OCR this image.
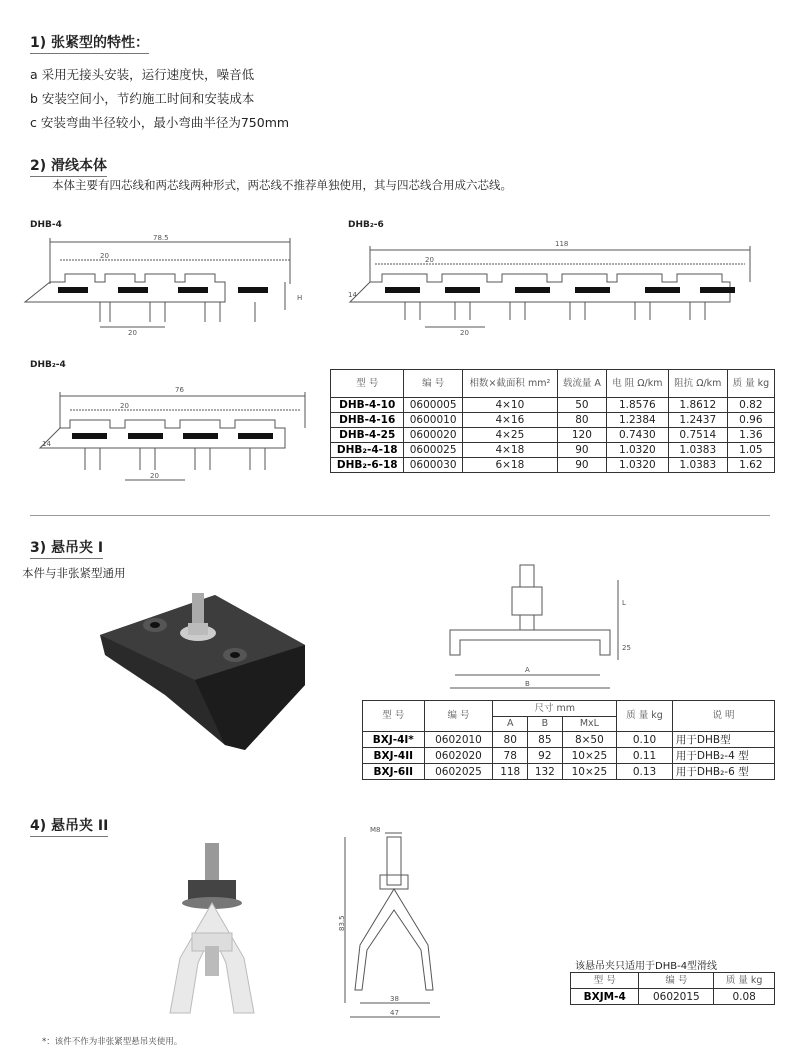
1) 张紧型的特性：
a 采用无接头安装，运行速度快，噪音低
b 安装空间小，节约施工时间和安装成本
c 安装弯曲半径较小，最小弯曲半径为750mm
2) 滑线本体
本体主要有四芯线和两芯线两种形式，两芯线不推荐单独使用，其与四芯线合用成六芯线。
DHB-4	DHB₂-6
DHB₂-4
78.5
20
20
H
118
20
20
14
76
20
20
14
型 号	编 号	相数×截面积 mm²	载流量 A	电 阻 Ω/km	阻抗 Ω/km	质 量 kg
DHB-4-10	0600005	4×10	50	1.8576	1.8612	0.82
DHB-4-16	0600010	4×16	80	1.2384	1.2437	0.96
DHB-4-25	0600020	4×25	120	0.7430	0.7514	1.36
DHB₂-4-18	0600025	4×18	90	1.0320	1.0383	1.05
DHB₂-6-18	0600030	6×18	90	1.0320	1.0383	1.62
3) 悬吊夹 I
本件与非张紧型通用
A
B
L
25
型 号	编 号	尺寸 mm			质 量 kg	说 明
		A	B	MxL		
BXJ-4I*	0602010	80	85	8×50	0.10	用于DHB型
BXJ-4II	0602020	78	92	10×25	0.11	用于DHB₂-4 型
BXJ-6II	0602025	118	132	10×25	0.13	用于DHB₂-6 型
4) 悬吊夹 II	M8
83.5
38
47
该悬吊夹只适用于DHB-4型滑线
型 号	编 号	质 量 kg
BXJM-4	0602015	0.08
*：该件不作为非张紧型悬吊夹使用。
